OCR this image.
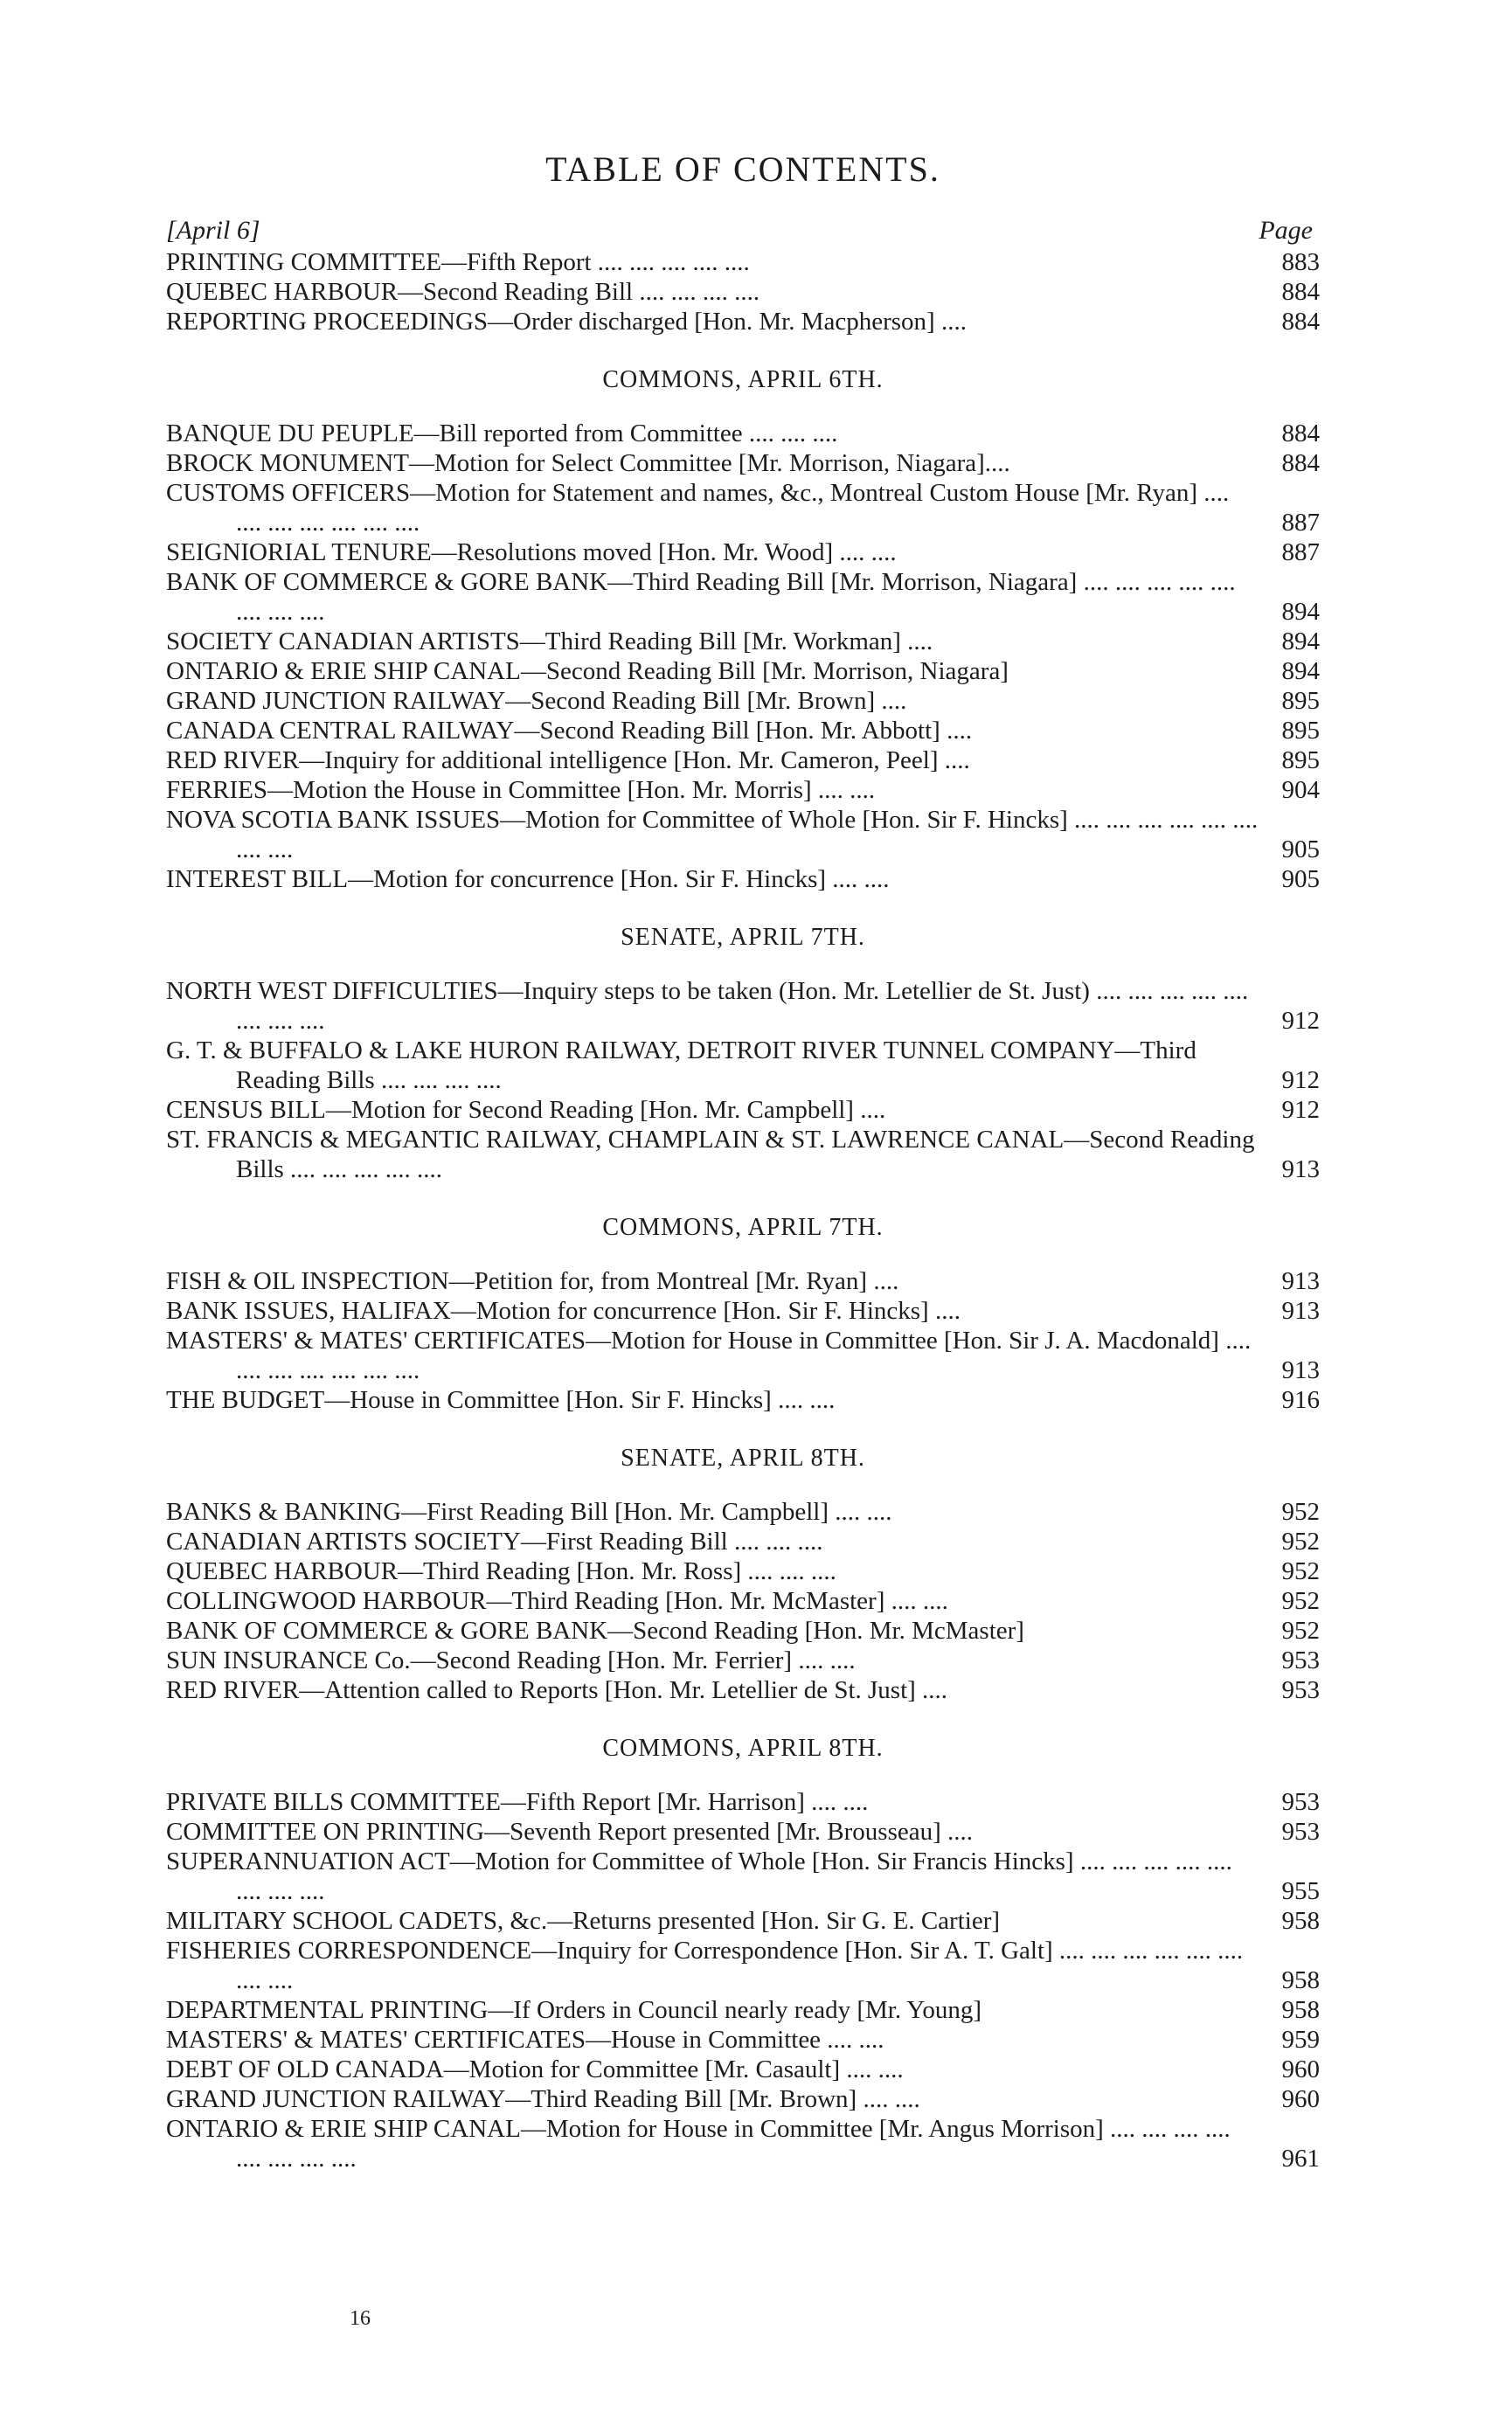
TABLE OF CONTENTS.
[April 6]	Page
PRINTING COMMITTEE—Fifth Report .... .... .... .... ....	883
QUEBEC HARBOUR—Second Reading Bill .... .... .... ....	884
REPORTING PROCEEDINGS—Order discharged [Hon. Mr. Macpherson] ....	884
COMMONS, APRIL 6TH.
BANQUE DU PEUPLE—Bill reported from Committee .... .... ....	884
BROCK MONUMENT—Motion for Select Committee [Mr. Morrison, Niagara]....	884
CUSTOMS OFFICERS—Motion for Statement and names, &c., Montreal Custom House [Mr. Ryan] .... .... .... .... .... .... ....	887
SEIGNIORIAL TENURE—Resolutions moved [Hon. Mr. Wood] .... ....	887
BANK OF COMMERCE & GORE BANK—Third Reading Bill [Mr. Morrison, Niagara] .... .... .... .... .... .... .... ....	894
SOCIETY CANADIAN ARTISTS—Third Reading Bill [Mr. Workman] ....	894
ONTARIO & ERIE SHIP CANAL—Second Reading Bill [Mr. Morrison, Niagara]	894
GRAND JUNCTION RAILWAY—Second Reading Bill [Mr. Brown] ....	895
CANADA CENTRAL RAILWAY—Second Reading Bill [Hon. Mr. Abbott] ....	895
RED RIVER—Inquiry for additional intelligence [Hon. Mr. Cameron, Peel] ....	895
FERRIES—Motion the House in Committee [Hon. Mr. Morris] .... ....	904
NOVA SCOTIA BANK ISSUES—Motion for Committee of Whole [Hon. Sir F. Hincks] .... .... .... .... .... .... .... ....	905
INTEREST BILL—Motion for concurrence [Hon. Sir F. Hincks] .... ....	905
SENATE, APRIL 7TH.
NORTH WEST DIFFICULTIES—Inquiry steps to be taken (Hon. Mr. Letellier de St. Just) .... .... .... .... .... .... .... ....	912
G. T. & BUFFALO & LAKE HURON RAILWAY, DETROIT RIVER TUNNEL COMPANY—Third Reading Bills .... .... .... ....	912
CENSUS BILL—Motion for Second Reading [Hon. Mr. Campbell] ....	912
ST. FRANCIS & MEGANTIC RAILWAY, CHAMPLAIN & ST. LAWRENCE CANAL—Second Reading Bills .... .... .... .... ....	913
COMMONS, APRIL 7TH.
FISH & OIL INSPECTION—Petition for, from Montreal [Mr. Ryan] ....	913
BANK ISSUES, HALIFAX—Motion for concurrence [Hon. Sir F. Hincks] ....	913
MASTERS' & MATES' CERTIFICATES—Motion for House in Committee [Hon. Sir J. A. Macdonald] .... .... .... .... .... .... ....	913
THE BUDGET—House in Committee [Hon. Sir F. Hincks] .... ....	916
SENATE, APRIL 8TH.
BANKS & BANKING—First Reading Bill [Hon. Mr. Campbell] .... ....	952
CANADIAN ARTISTS SOCIETY—First Reading Bill .... .... ....	952
QUEBEC HARBOUR—Third Reading [Hon. Mr. Ross] .... .... ....	952
COLLINGWOOD HARBOUR—Third Reading [Hon. Mr. McMaster] .... ....	952
BANK OF COMMERCE & GORE BANK—Second Reading [Hon. Mr. McMaster]	952
SUN INSURANCE Co.—Second Reading [Hon. Mr. Ferrier] .... ....	953
RED RIVER—Attention called to Reports [Hon. Mr. Letellier de St. Just] ....	953
COMMONS, APRIL 8TH.
PRIVATE BILLS COMMITTEE—Fifth Report [Mr. Harrison] .... ....	953
COMMITTEE ON PRINTING—Seventh Report presented [Mr. Brousseau] ....	953
SUPERANNUATION ACT—Motion for Committee of Whole [Hon. Sir Francis Hincks] .... .... .... .... .... .... .... ....	955
MILITARY SCHOOL CADETS, &c.—Returns presented [Hon. Sir G. E. Cartier]	958
FISHERIES CORRESPONDENCE—Inquiry for Correspondence [Hon. Sir A. T. Galt] .... .... .... .... .... .... .... ....	958
DEPARTMENTAL PRINTING—If Orders in Council nearly ready [Mr. Young]	958
MASTERS' & MATES' CERTIFICATES—House in Committee .... ....	959
DEBT OF OLD CANADA—Motion for Committee [Mr. Casault] .... ....	960
GRAND JUNCTION RAILWAY—Third Reading Bill [Mr. Brown] .... ....	960
ONTARIO & ERIE SHIP CANAL—Motion for House in Committee [Mr. Angus Morrison] .... .... .... .... .... .... .... ....	961
16
